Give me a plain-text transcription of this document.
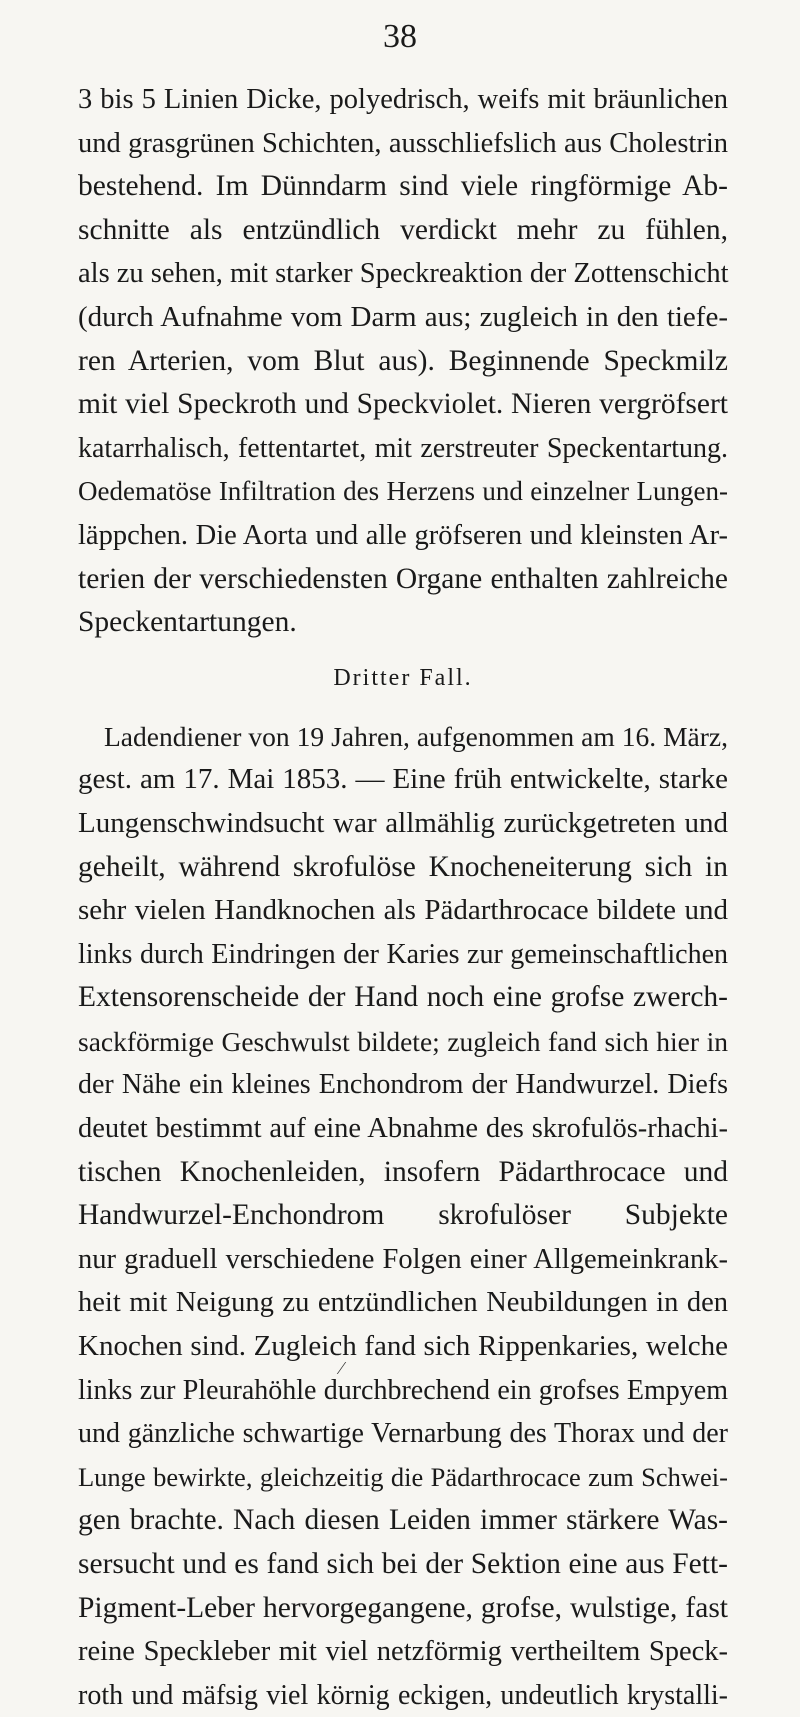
38
3 bis 5 Linien Dicke, polyedrisch, weifs mit bräunlichen
und grasgrünen Schichten, ausschliefslich aus Cholestrin
bestehend. Im Dünndarm sind viele ringförmige Ab-
schnitte als entzündlich verdickt mehr zu fühlen,
als zu sehen, mit starker Speckreaktion der Zottenschicht
(durch Aufnahme vom Darm aus; zugleich in den tiefe-
ren Arterien, vom Blut aus). Beginnende Speckmilz
mit viel Speckroth und Speckviolet. Nieren vergröfsert
katarrhalisch, fettentartet, mit zerstreuter Speckentartung.
Oedematöse Infiltration des Herzens und einzelner Lungen-
läppchen. Die Aorta und alle gröfseren und kleinsten Ar-
terien der verschiedensten Organe enthalten zahlreiche
Speckentartungen.
Dritter Fall.
Ladendiener von 19 Jahren, aufgenommen am 16. März,
gest. am 17. Mai 1853. — Eine früh entwickelte, starke
Lungenschwindsucht war allmählig zurückgetreten und
geheilt, während skrofulöse Knocheneiterung sich in
sehr vielen Handknochen als Pädarthrocace bildete und
links durch Eindringen der Karies zur gemeinschaftlichen
Extensorenscheide der Hand noch eine grofse zwerch-
sackförmige Geschwulst bildete; zugleich fand sich hier in
der Nähe ein kleines Enchondrom der Handwurzel. Diefs
deutet bestimmt auf eine Abnahme des skrofulös-rhachi-
tischen Knochenleiden, insofern Pädarthrocace und
Handwurzel-Enchondrom skrofulöser Subjekte
nur graduell verschiedene Folgen einer Allgemeinkrank-
heit mit Neigung zu entzündlichen Neubildungen in den
Knochen sind. Zugleich fand sich Rippenkaries, welche
links zur Pleurahöhle durchbrechend ein grofses Empyem
und gänzliche schwartige Vernarbung des Thorax und der
Lunge bewirkte, gleichzeitig die Pädarthrocace zum Schwei-
gen brachte. Nach diesen Leiden immer stärkere Was-
sersucht und es fand sich bei der Sektion eine aus Fett-
Pigment-Leber hervorgegangene, grofse, wulstige, fast
reine Speckleber mit viel netzförmig vertheiltem Speck-
roth und mäfsig viel körnig eckigen, undeutlich krystalli-
⁄
